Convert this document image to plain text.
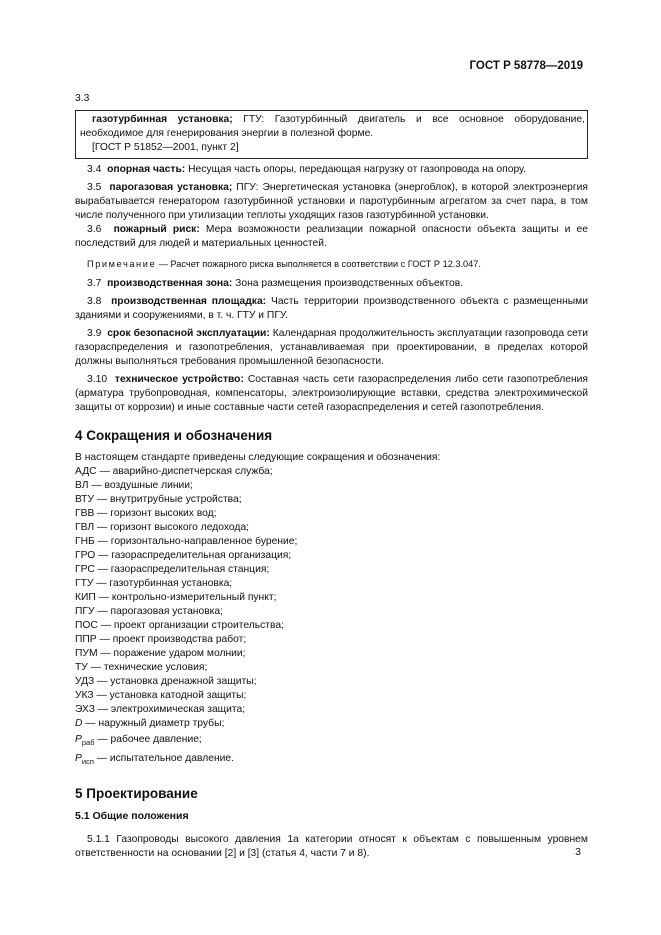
ГОСТ Р 58778—2019

3.3

газотурбинная установка; ГТУ: Газотурбинный двигатель и все основное оборудование, необходимое для генерирования энергии в полезной форме.
[ГОСТ Р 51852—2001, пункт 2]

3.4 опорная часть: Несущая часть опоры, передающая нагрузку от газопровода на опору.

3.5 парогазовая установка; ПГУ: Энергетическая установка (энергоблок), в которой электроэнергия вырабатывается генератором газотурбинной установки и паротурбинным агрегатом за счет пара, в том числе полученного при утилизации теплоты уходящих газов газотурбинной установки.

3.6 пожарный риск: Мера возможности реализации пожарной опасности объекта защиты и ее последствий для людей и материальных ценностей.

Примечание — Расчет пожарного риска выполняется в соответствии с ГОСТ Р 12.3.047.

3.7 производственная зона: Зона размещения производственных объектов.

3.8 производственная площадка: Часть территории производственного объекта с размещенными зданиями и сооружениями, в т. ч. ГТУ и ПГУ.

3.9 срок безопасной эксплуатации: Календарная продолжительность эксплуатации газопровода сети газораспределения и газопотребления, устанавливаемая при проектировании, в пределах которой должны выполняться требования промышленной безопасности.

3.10 техническое устройство: Составная часть сети газораспределения либо сети газопотребления (арматура трубопроводная, компенсаторы, электроизолирующие вставки, средства электрохимической защиты от коррозии) и иные составные части сетей газораспределения и сетей газопотребления.

4 Сокращения и обозначения

В настоящем стандарте приведены следующие сокращения и обозначения:

АДС — аварийно-диспетчерская служба;

ВЛ — воздушные линии;

ВТУ — внутритрубные устройства;

ГВВ — горизонт высоких вод;

ГВЛ — горизонт высокого ледохода;

ГНБ — горизонтально-направленное бурение;

ГРО — газораспределительная организация;

ГРС — газораспределительная станция;

ГТУ — газотурбинная установка;

КИП — контрольно-измерительный пункт;

ПГУ — парогазовая установка;

ПОС — проект организации строительства;

ППР — проект производства работ;

ПУМ — поражение ударом молнии;

ТУ — технические условия;

УДЗ — установка дренажной защиты;

УКЗ — установка катодной защиты;

ЭХЗ — электрохимическая защита;

D — наружный диаметр трубы;

$P_{раб}$ — рабочее давление;

$P_{исп}$ — испытательное давление.

5 Проектирование
5.1 Общие положения

5.1.1 Газопроводы высокого давления 1а категории относят к объектам с повышенным уровнем ответственности на основании [2] и [3] (статья 4, части 7 и 8).	3
